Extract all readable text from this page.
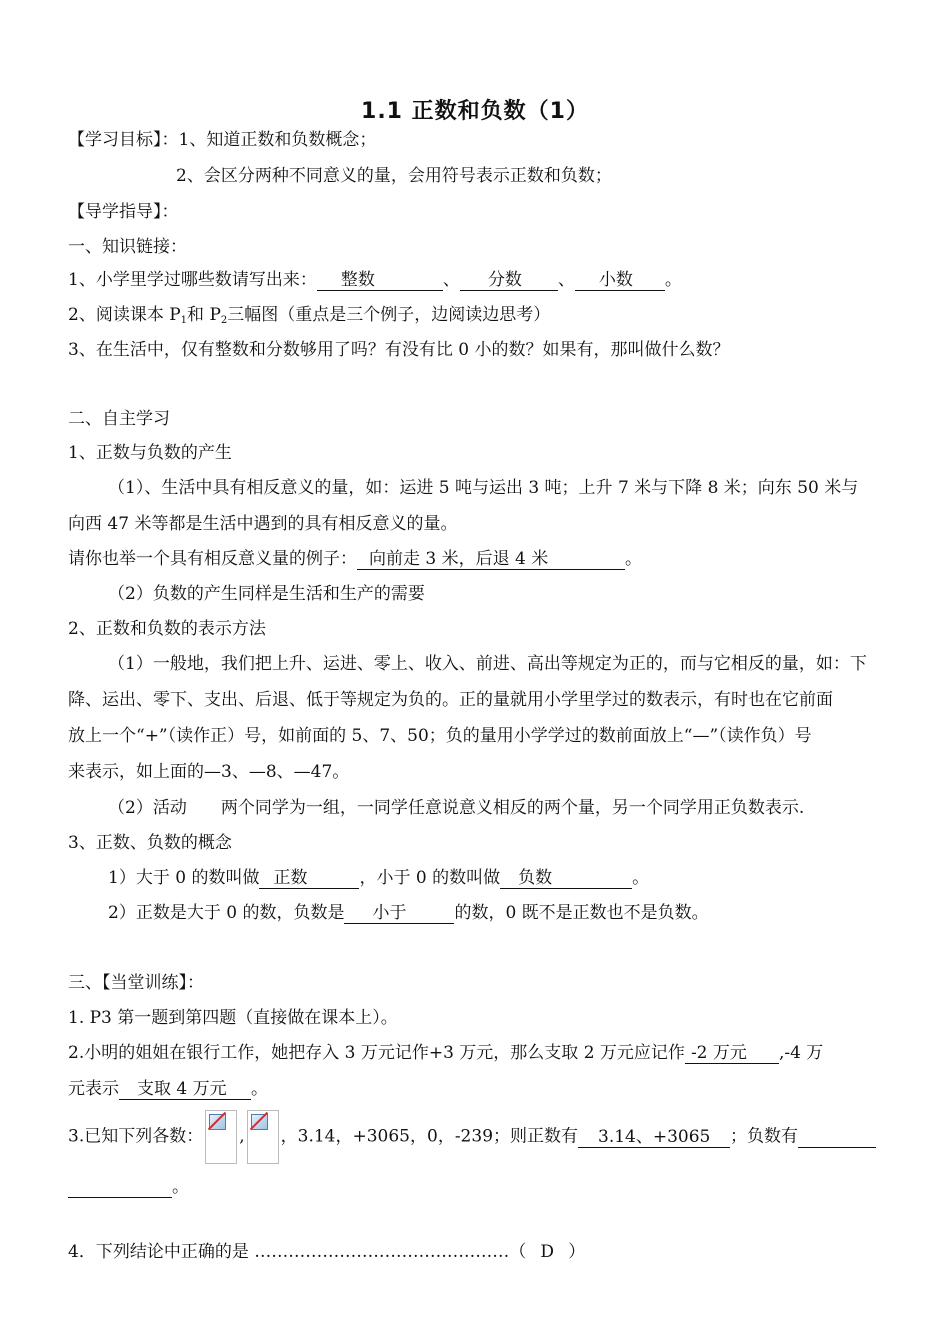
1.1 正数和负数（1）
【学习目标】：1、知道正数和负数概念；
2、会区分两种不同意义的量，会用符号表示正数和负数；
【导学指导】：
一、知识链接：
1、小学里学过哪些数请写出来： 整数	、 分数 、 小数 。
2、阅读课本 $P_1$和 $P_2$三幅图（重点是三个例子，边阅读边思考）
3、在生活中，仅有整数和分数够用了吗？有没有比 0 小的数？如果有，那叫做什么数？
二、自主学习
1、正数与负数的产生
（1）、生活中具有相反意义的量，如：运进 5 吨与运出 3 吨；上升 7 米与下降 8 米；向东 50 米与
向西 47 米等都是生活中遇到的具有相反意义的量。
请你也举一个具有相反意义量的例子： 向前走 3 米，后退 4 米	。
（2）负数的产生同样是生活和生产的需要
2、正数和负数的表示方法
（1）一般地，我们把上升、运进、零上、收入、前进、高出等规定为正的，而与它相反的量，如：下
降、运出、零下、支出、后退、低于等规定为负的。正的量就用小学里学过的数表示，有时也在它前面
放上一个“+”（读作正）号，如前面的 5、7、50；负的量用小学学过的数前面放上“—”（读作负）号
来表示，如上面的—3、—8、—47。
（2）活动　　两个同学为一组，一同学任意说意义相反的两个量，另一个同学用正负数表示.
3、正数、负数的概念
1）大于 0 的数叫做 正数	，小于 0 的数叫做 负数	。
2）正数是大于 0 的数，负数是 小于	的数，0 既不是正数也不是负数。
三、【当堂训练】：
1. P3 第一题到第四题（直接做在课本上）。
2.小明的姐姐在银行工作，她把存入 3 万元记作+3 万元，那么支取 2 万元应记作 -2 万元 ,-4 万
元表示 支取 4 万元 。
3.已知下列各数： , ，3.14，+3065，0，-239；则正数有 3.14、+3065 ；负数有
。
4．下列结论中正确的是 ………………………………………（ D ）
